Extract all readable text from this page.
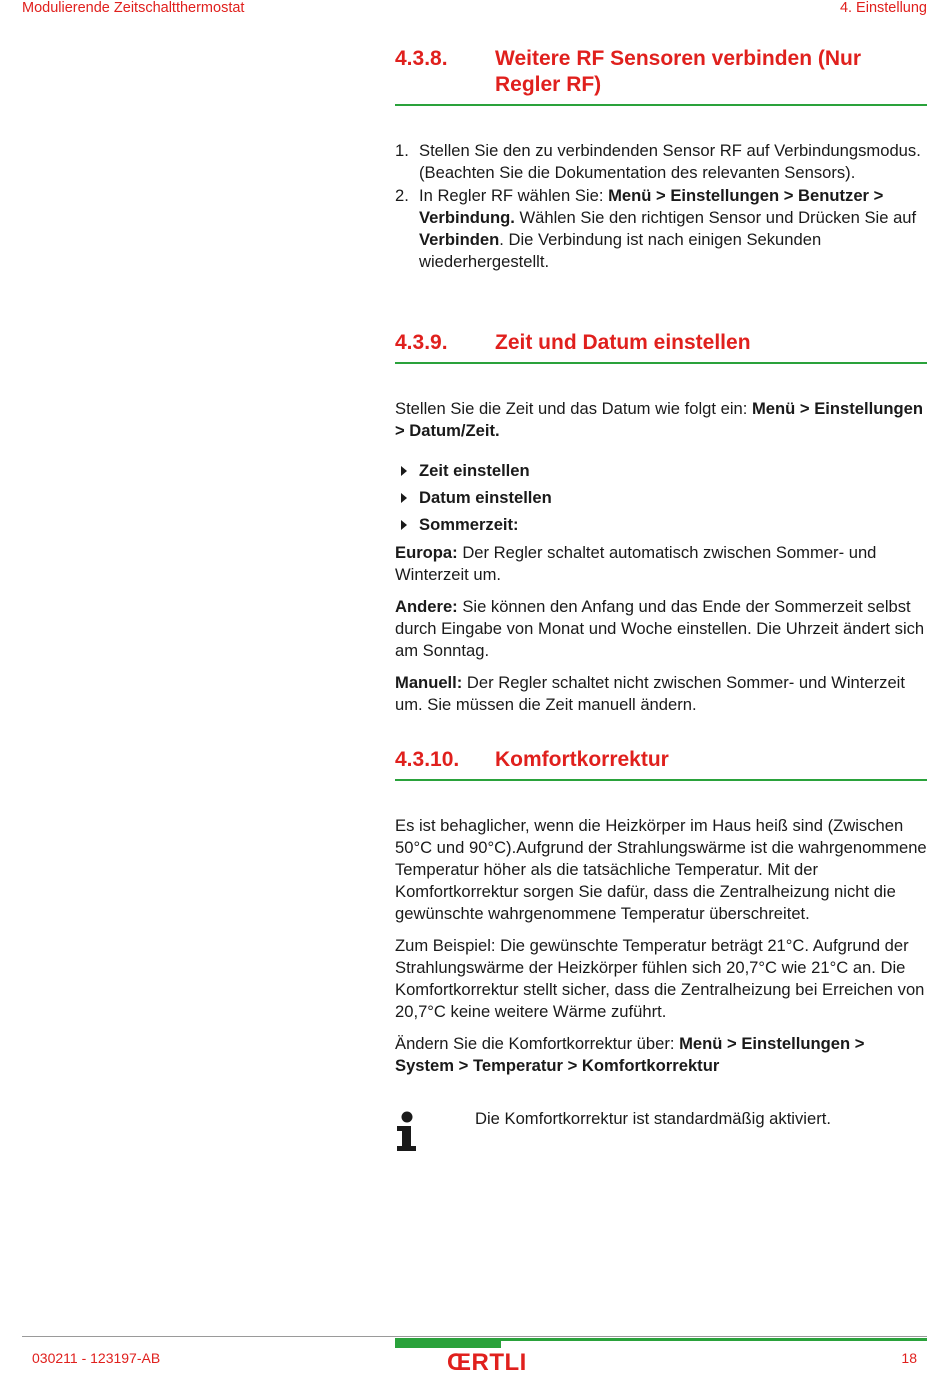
Modulierende Zeitschaltthermostat	4. Einstellung
4.3.8. Weitere RF Sensoren verbinden (Nur Regler RF)
1. Stellen Sie den zu verbindenden Sensor RF auf Verbindungsmodus. (Beachten Sie die Dokumentation des relevanten Sensors).
2. In Regler RF wählen Sie: Menü > Einstellungen > Benutzer > Verbindung. Wählen Sie den richtigen Sensor und Drücken Sie auf Verbinden. Die Verbindung ist nach einigen Sekunden wiederhergestellt.
4.3.9. Zeit und Datum einstellen

Stellen Sie die Zeit und das Datum wie folgt ein: Menü > Einstellungen > Datum/Zeit.

Zeit einstellen
Datum einstellen
Sommerzeit:

Europa: Der Regler schaltet automatisch zwischen Sommer- und Winterzeit um.

Andere: Sie können den Anfang und das Ende der Sommerzeit selbst durch Eingabe von Monat und Woche einstellen. Die Uhrzeit ändert sich am Sonntag.

Manuell: Der Regler schaltet nicht zwischen Sommer- und Winterzeit um. Sie müssen die Zeit manuell ändern.

4.3.10. Komfortkorrektur

Es ist behaglicher, wenn die Heizkörper im Haus heiß sind (Zwischen 50°C und 90°C).Aufgrund der Strahlungswärme ist die wahrgenommene Temperatur höher als die tatsächliche Temperatur. Mit der Komfortkorrektur sorgen Sie dafür, dass die Zentralheizung nicht die gewünschte wahrgenommene Temperatur überschreitet.

Zum Beispiel: Die gewünschte Temperatur beträgt 21°C. Aufgrund der Strahlungswärme der Heizkörper fühlen sich 20,7°C wie 21°C an. Die Komfortkorrektur stellt sicher, dass die Zentralheizung bei Erreichen von 20,7°C keine weitere Wärme zuführt.

Ändern Sie die Komfortkorrektur über: Menü > Einstellungen > System > Temperatur > Komfortkorrektur

Die Komfortkorrektur ist standardmäßig aktiviert.
030211 - 123197-AB	ŒRTLI	18
